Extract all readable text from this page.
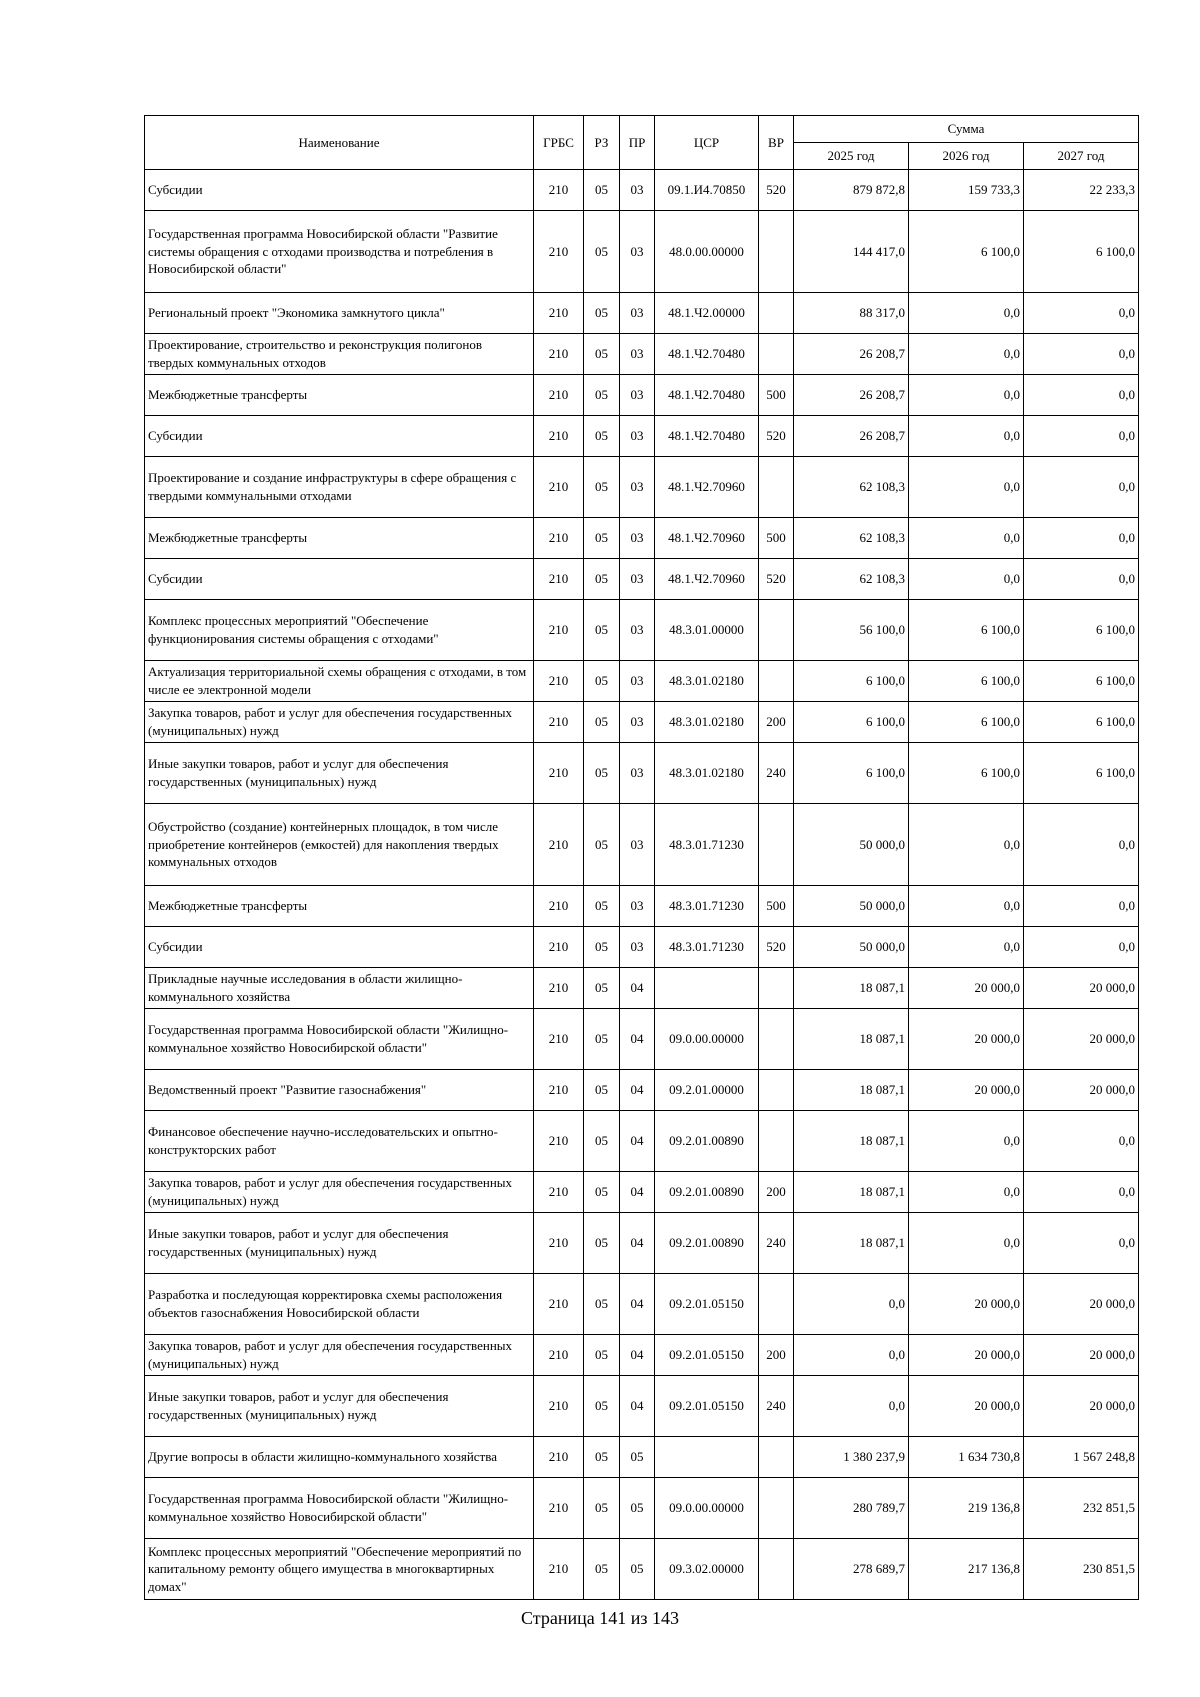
Наименование	ГРБС	РЗ	ПР	ЦСР	ВР	Сумма		
						2025 год	2026 год	2027 год
Субсидии	210	05	03	09.1.И4.70850	520	879 872,8	159 733,3	22 233,3
Государственная программа Новосибирской области "Развитие системы обращения с отходами производства и потребления в Новосибирской области"	210	05	03	48.0.00.00000		144 417,0	6 100,0	6 100,0
Региональный проект "Экономика замкнутого цикла"	210	05	03	48.1.Ч2.00000		88 317,0	0,0	0,0
Проектирование, строительство и реконструкция полигонов твердых коммунальных отходов	210	05	03	48.1.Ч2.70480		26 208,7	0,0	0,0
Межбюджетные трансферты	210	05	03	48.1.Ч2.70480	500	26 208,7	0,0	0,0
Субсидии	210	05	03	48.1.Ч2.70480	520	26 208,7	0,0	0,0
Проектирование и создание инфраструктуры в сфере обращения с твердыми коммунальными отходами	210	05	03	48.1.Ч2.70960		62 108,3	0,0	0,0
Межбюджетные трансферты	210	05	03	48.1.Ч2.70960	500	62 108,3	0,0	0,0
Субсидии	210	05	03	48.1.Ч2.70960	520	62 108,3	0,0	0,0
Комплекс процессных мероприятий "Обеспечение функционирования системы обращения с отходами"	210	05	03	48.3.01.00000		56 100,0	6 100,0	6 100,0
Актуализация территориальной схемы обращения с отходами, в том числе ее электронной модели	210	05	03	48.3.01.02180		6 100,0	6 100,0	6 100,0
Закупка товаров, работ и услуг для обеспечения государственных (муниципальных) нужд	210	05	03	48.3.01.02180	200	6 100,0	6 100,0	6 100,0
Иные закупки товаров, работ и услуг для обеспечения государственных (муниципальных) нужд	210	05	03	48.3.01.02180	240	6 100,0	6 100,0	6 100,0
Обустройство (создание) контейнерных площадок, в том числе приобретение контейнеров (емкостей) для накопления твердых коммунальных отходов	210	05	03	48.3.01.71230		50 000,0	0,0	0,0
Межбюджетные трансферты	210	05	03	48.3.01.71230	500	50 000,0	0,0	0,0
Субсидии	210	05	03	48.3.01.71230	520	50 000,0	0,0	0,0
Прикладные научные исследования в области жилищно-коммунального хозяйства	210	05	04			18 087,1	20 000,0	20 000,0
Государственная программа Новосибирской области "Жилищно-коммунальное хозяйство Новосибирской области"	210	05	04	09.0.00.00000		18 087,1	20 000,0	20 000,0
Ведомственный проект "Развитие газоснабжения"	210	05	04	09.2.01.00000		18 087,1	20 000,0	20 000,0
Финансовое обеспечение научно-исследовательских и опытно-конструкторских работ	210	05	04	09.2.01.00890		18 087,1	0,0	0,0
Закупка товаров, работ и услуг для обеспечения государственных (муниципальных) нужд	210	05	04	09.2.01.00890	200	18 087,1	0,0	0,0
Иные закупки товаров, работ и услуг для обеспечения государственных (муниципальных) нужд	210	05	04	09.2.01.00890	240	18 087,1	0,0	0,0
Разработка и последующая корректировка схемы расположения объектов газоснабжения Новосибирской области	210	05	04	09.2.01.05150		0,0	20 000,0	20 000,0
Закупка товаров, работ и услуг для обеспечения государственных (муниципальных) нужд	210	05	04	09.2.01.05150	200	0,0	20 000,0	20 000,0
Иные закупки товаров, работ и услуг для обеспечения государственных (муниципальных) нужд	210	05	04	09.2.01.05150	240	0,0	20 000,0	20 000,0
Другие вопросы в области жилищно-коммунального хозяйства	210	05	05			1 380 237,9	1 634 730,8	1 567 248,8
Государственная программа Новосибирской области "Жилищно-коммунальное хозяйство Новосибирской области"	210	05	05	09.0.00.00000		280 789,7	219 136,8	232 851,5
Комплекс процессных мероприятий "Обеспечение мероприятий по капитальному ремонту общего имущества в многоквартирных домах"	210	05	05	09.3.02.00000		278 689,7	217 136,8	230 851,5
Страница 141 из 143
